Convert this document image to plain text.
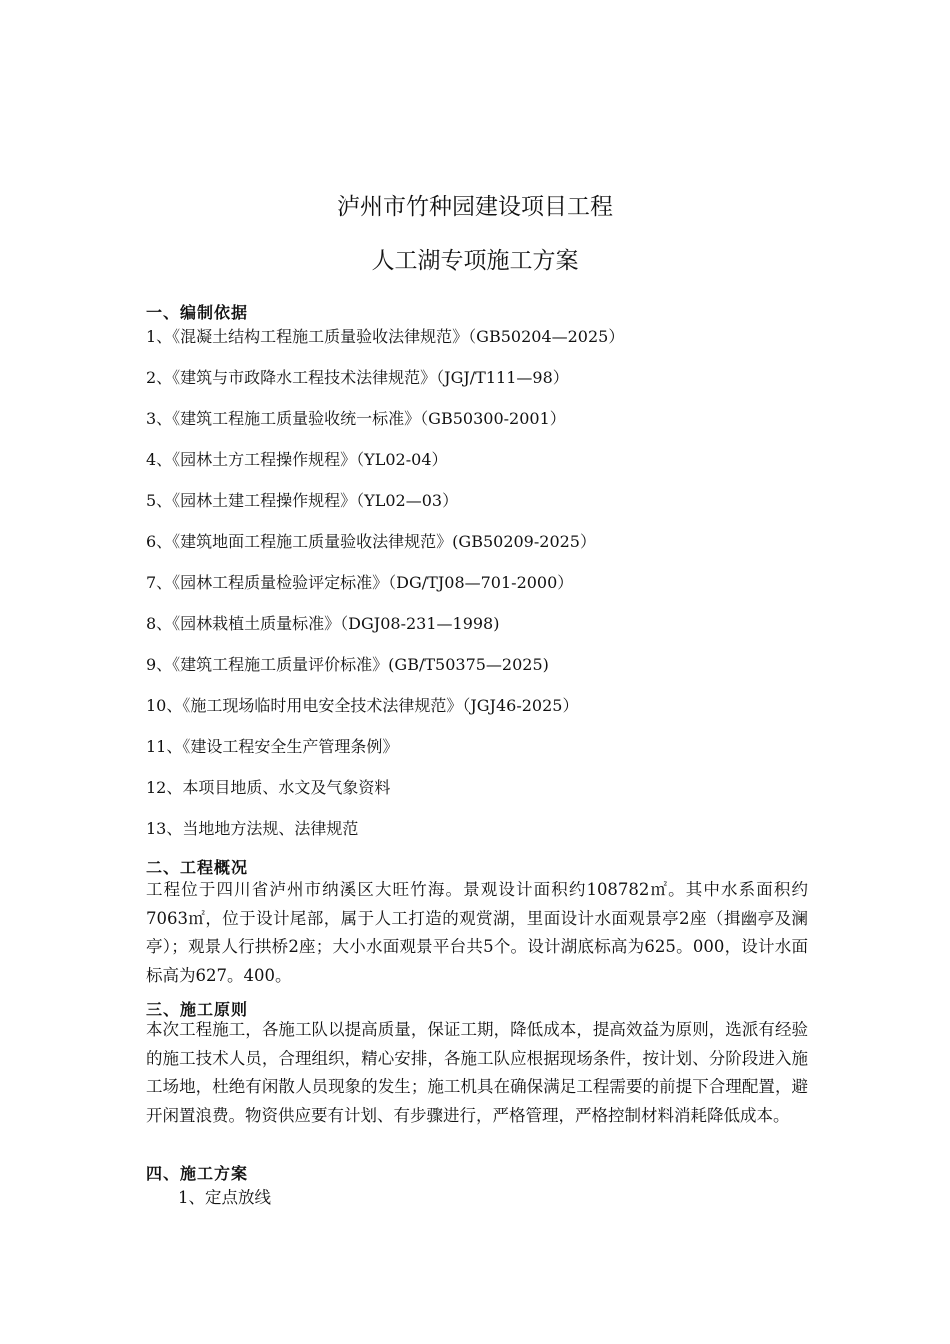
泸州市竹种园建设项目工程
人工湖专项施工方案
一、编制依据
1、《混凝土结构工程施工质量验收法律规范》（GB50204—2025）
2、《建筑与市政降水工程技术法律规范》（JGJ/T111—98）
3、《建筑工程施工质量验收统一标准》（GB50300-2001）
4、《园林土方工程操作规程》（YL02-04）
5、《园林土建工程操作规程》（YL02—03）
6、《建筑地面工程施工质量验收法律规范》(GB50209-2025）
7、《园林工程质量检验评定标准》（DG/TJ08—701-2000）
8、《园林栽植土质量标准》（DGJ08-231—1998)
9、《建筑工程施工质量评价标准》(GB/T50375—2025)
10、《施工现场临时用电安全技术法律规范》（JGJ46-2025）
11、《建设工程安全生产管理条例》
12、本项目地质、水文及气象资料
13、当地地方法规、法律规范
二、工程概况
工程位于四川省泸州市纳溪区大旺竹海。景观设计面积约108782㎡。其中水系面积约7063㎡，位于设计尾部，属于人工打造的观赏湖，里面设计水面观景亭2座（揖幽亭及澜亭）；观景人行拱桥2座；大小水面观景平台共5个。设计湖底标高为625。000，设计水面标高为627。400。
三、施工原则
本次工程施工，各施工队以提高质量，保证工期，降低成本，提高效益为原则，选派有经验的施工技术人员，合理组织，精心安排，各施工队应根据现场条件，按计划、分阶段进入施工场地，杜绝有闲散人员现象的发生；施工机具在确保满足工程需要的前提下合理配置，避开闲置浪费。物资供应要有计划、有步骤进行，严格管理，严格控制材料消耗降低成本。
四、施工方案
1、定点放线
